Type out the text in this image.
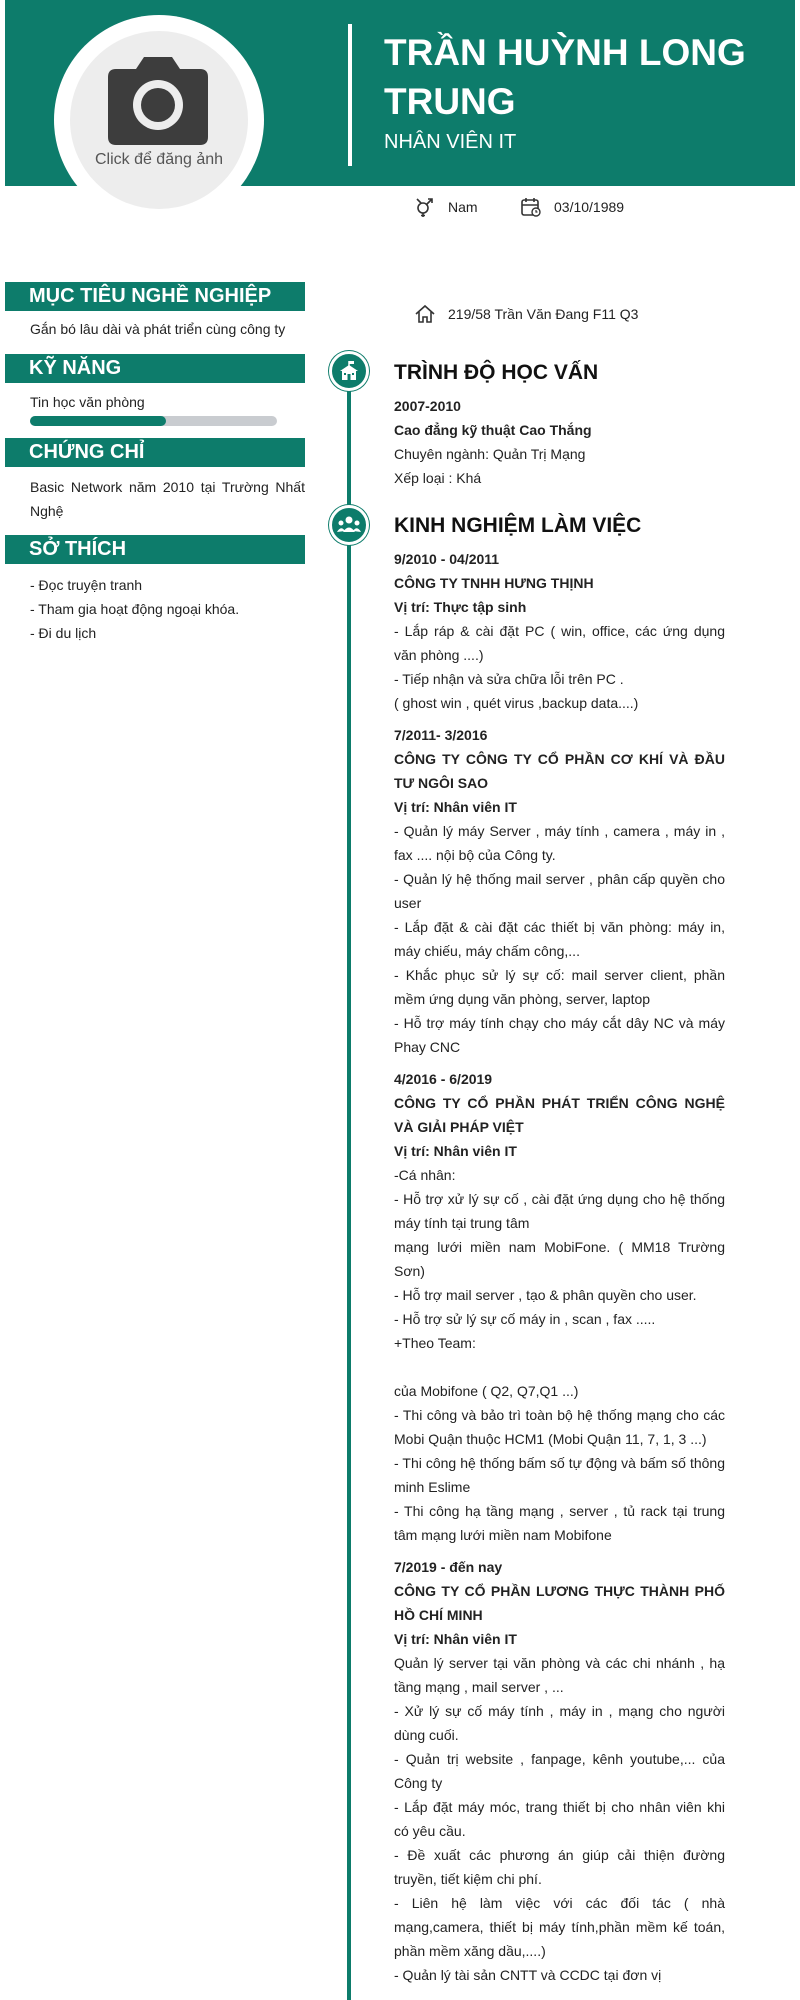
Click để đăng ảnh
TRẦN HUỲNH LONG TRUNG
NHÂN VIÊN IT
Nam	03/10/1989
219/58 Trần Văn Đang F11 Q3
MỤC TIÊU NGHỀ NGHIỆP
Gắn bó lâu dài và phát triển cùng công ty
KỸ NĂNG
Tin học văn phòng
CHỨNG CHỈ
Basic Network năm 2010 tại Trường Nhất Nghệ
SỞ THÍCH
- Đọc truyện tranh
- Tham gia hoạt động ngoại khóa.
- Đi du lịch
TRÌNH ĐỘ HỌC VẤN
2007-2010
Cao đẳng kỹ thuật Cao Thắng
Chuyên ngành: Quản Trị Mạng
Xếp loại : Khá
KINH NGHIỆM LÀM VIỆC
9/2010 - 04/2011
CÔNG TY TNHH HƯNG THỊNH
Vị trí: Thực tập sinh
- Lắp ráp & cài đặt PC ( win, office, các ứng dụng văn phòng ....)
- Tiếp nhận và sửa chữa lỗi trên PC .
( ghost win , quét virus ,backup data....)
7/2011- 3/2016
CÔNG TY CÔNG TY CỔ PHẦN CƠ KHÍ VÀ ĐẦU TƯ NGÔI SAO
Vị trí: Nhân viên IT
- Quản lý máy Server , máy tính , camera , máy in , fax .... nội bộ của Công ty.
- Quản lý hệ thống mail server , phân cấp quyền cho user
- Lắp đặt & cài đặt các thiết bị văn phòng: máy in, máy chiếu, máy chấm công,...
- Khắc phục sử lý sự cố: mail server client, phần mềm ứng dụng văn phòng, server, laptop
- Hỗ trợ máy tính chạy cho máy cắt dây NC và máy Phay CNC
4/2016 - 6/2019
CÔNG TY CỔ PHẦN PHÁT TRIỂN CÔNG NGHỆ VÀ GIẢI PHÁP VIỆT
Vị trí: Nhân viên IT
-Cá nhân:
- Hỗ trợ xử lý sự cố , cài đặt ứng dụng cho hệ thống máy tính tại trung tâm
mạng lưới miền nam MobiFone. ( MM18 Trường Sơn)
- Hỗ trợ mail server , tạo & phân quyền cho user.
- Hỗ trợ sử lý sự cố máy in , scan , fax .....
+Theo Team:
của Mobifone ( Q2, Q7,Q1 ...)
- Thi công và bảo trì toàn bộ hệ thống mạng cho các Mobi Quận thuộc HCM1 (Mobi Quận 11, 7, 1, 3 ...)
- Thi công hệ thống bấm số tự động và bấm số thông minh Eslime
- Thi công hạ tầng mạng , server , tủ rack tại trung tâm mạng lưới miền nam Mobifone
7/2019 - đến nay
CÔNG TY CỔ PHẦN LƯƠNG THỰC THÀNH PHỐ HỒ CHÍ MINH
Vị trí: Nhân viên IT
Quản lý server tại văn phòng và các chi nhánh , hạ tầng mạng , mail server , ...
- Xử lý sự cố máy tính , máy in , mạng cho người dùng cuối.
- Quản trị website , fanpage, kênh youtube,... của Công ty
- Lắp đặt máy móc, trang thiết bị cho nhân viên khi có yêu cầu.
- Đề xuất các phương án giúp cải thiện đường truyền, tiết kiệm chi phí.
- Liên hệ làm việc với các đối tác ( nhà mạng,camera, thiết bị máy tính,phần mềm kế toán, phần mềm xăng dầu,....)
- Quản lý tài sản CNTT và CCDC tại đơn vị
